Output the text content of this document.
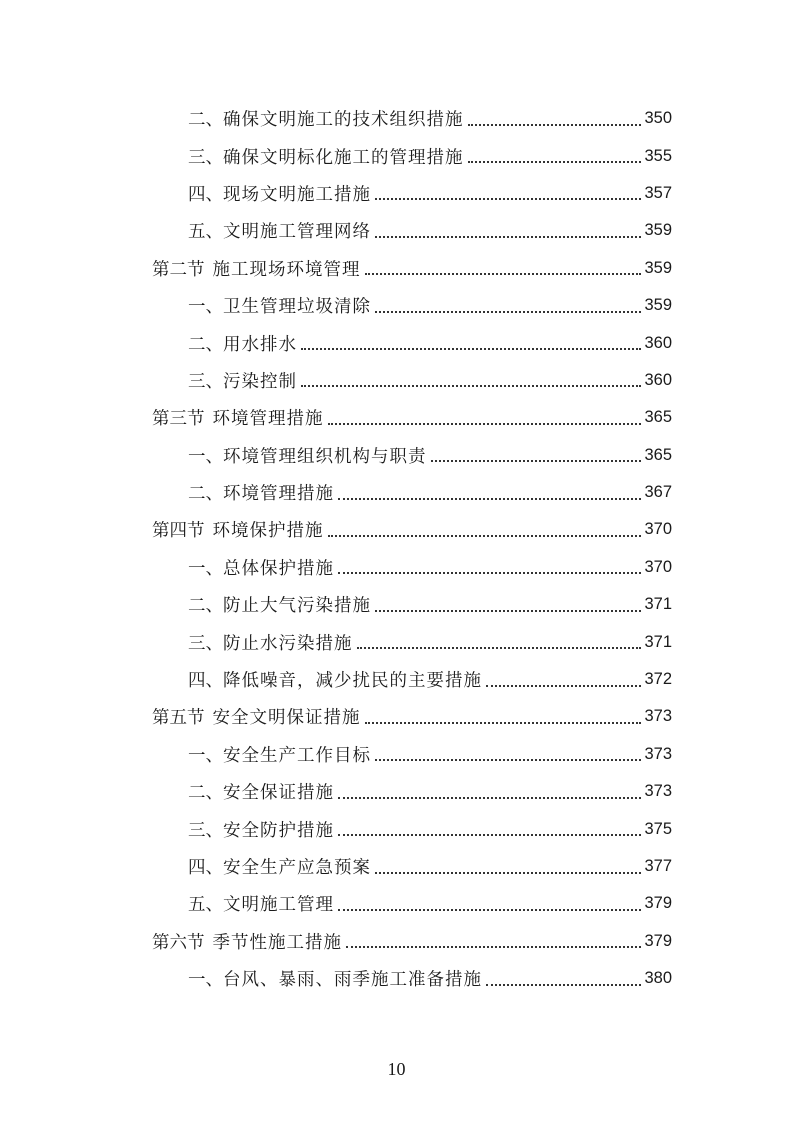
二、 确保文明施工的技术组织措施	350
三、 确保文明标化施工的管理措施	355
四、 现场文明施工措施	357
五、 文明施工管理网络	359
第二节 施工现场环境管理	359
一、 卫生管理垃圾清除	359
二、 用水排水	360
三、 污染控制	360
第三节 环境管理措施	365
一、 环境管理组织机构与职责	365
二、 环境管理措施	367
第四节 环境保护措施	370
一、 总体保护措施	370
二、 防止大气污染措施	371
三、 防止水污染措施	371
四、 降低噪音，减少扰民的主要措施	372
第五节 安全文明保证措施	373
一、 安全生产工作目标	373
二、 安全保证措施	373
三、 安全防护措施	375
四、 安全生产应急预案	377
五、 文明施工管理	379
第六节 季节性施工措施	379
一、 台风、暴雨、雨季施工准备措施	380
10
